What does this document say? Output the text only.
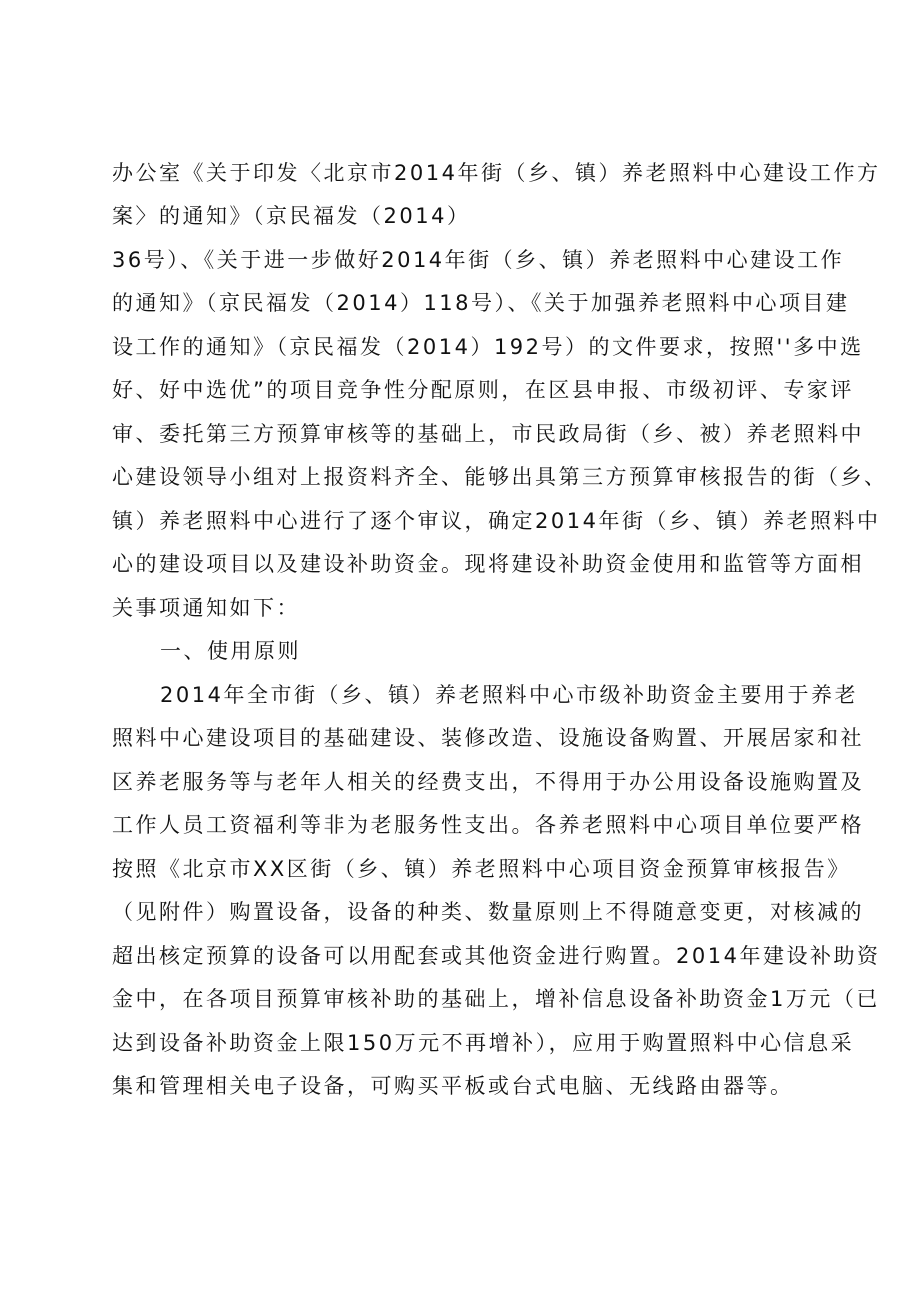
办公室《关于印发〈北京市2014年街（乡、镇）养老照料中心建设工作方
案〉的通知》（京民福发（2014）
36号）、《关于进一步做好2014年街（乡、镇）养老照料中心建设工作
的通知》（京民福发（2014）118号）、《关于加强养老照料中心项目建
设工作的通知》（京民福发（2014）192号）的文件要求，按照''多中选
好、好中选优”的项目竞争性分配原则，在区县申报、市级初评、专家评
审、委托第三方预算审核等的基础上，市民政局街（乡、被）养老照料中
心建设领导小组对上报资料齐全、能够出具第三方预算审核报告的街（乡、
镇）养老照料中心进行了逐个审议，确定2014年街（乡、镇）养老照料中
心的建设项目以及建设补助资金。现将建设补助资金使用和监管等方面相
关事项通知如下：
一、使用原则
2014年全市街（乡、镇）养老照料中心市级补助资金主要用于养老
照料中心建设项目的基础建设、装修改造、设施设备购置、开展居家和社
区养老服务等与老年人相关的经费支出，不得用于办公用设备设施购置及
工作人员工资福利等非为老服务性支出。各养老照料中心项目单位要严格
按照《北京市XX区街（乡、镇）养老照料中心项目资金预算审核报告》
（见附件）购置设备，设备的种类、数量原则上不得随意变更，对核减的
超出核定预算的设备可以用配套或其他资金进行购置。2014年建设补助资
金中，在各项目预算审核补助的基础上，增补信息设备补助资金1万元（已
达到设备补助资金上限150万元不再增补），应用于购置照料中心信息采
集和管理相关电子设备，可购买平板或台式电脑、无线路由器等。
